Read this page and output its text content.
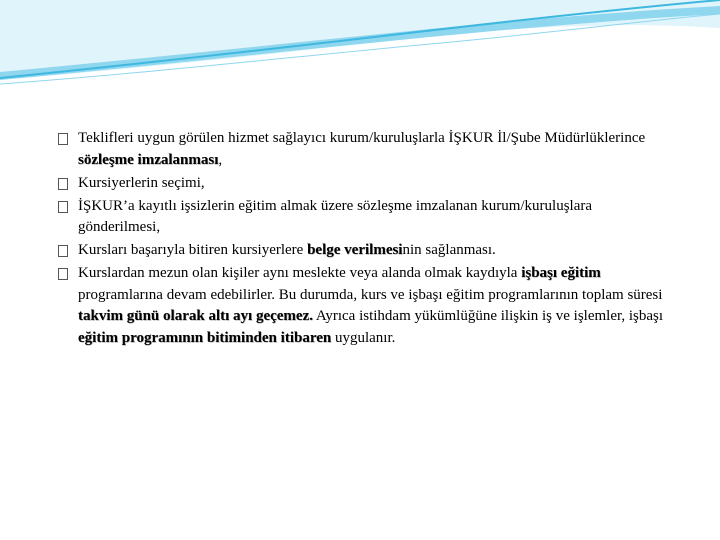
Teklifleri uygun görülen hizmet sağlayıcı kurum/kuruluşlarla İŞKUR İl/Şube Müdürlüklerince sözleşme imzalanması,
Kursiyerlerin seçimi,
İŞKUR’a kayıtlı işsizlerin eğitim almak üzere sözleşme imzalanan kurum/kuruluşlara gönderilmesi,
Kursları başarıyla bitiren kursiyerlere belge verilmesinin sağlanması.
Kurslardan mezun olan kişiler aynı meslekte veya alanda olmak kaydıyla işbaşı eğitim programlarına devam edebilirler. Bu durumda, kurs ve işbaşı eğitim programlarının toplam süresi takvim günü olarak altı ayı geçemez. Ayrıca istihdam yükümlüğüne ilişkin iş ve işlemler, işbaşı eğitim programının bitiminden itibaren uygulanır.
